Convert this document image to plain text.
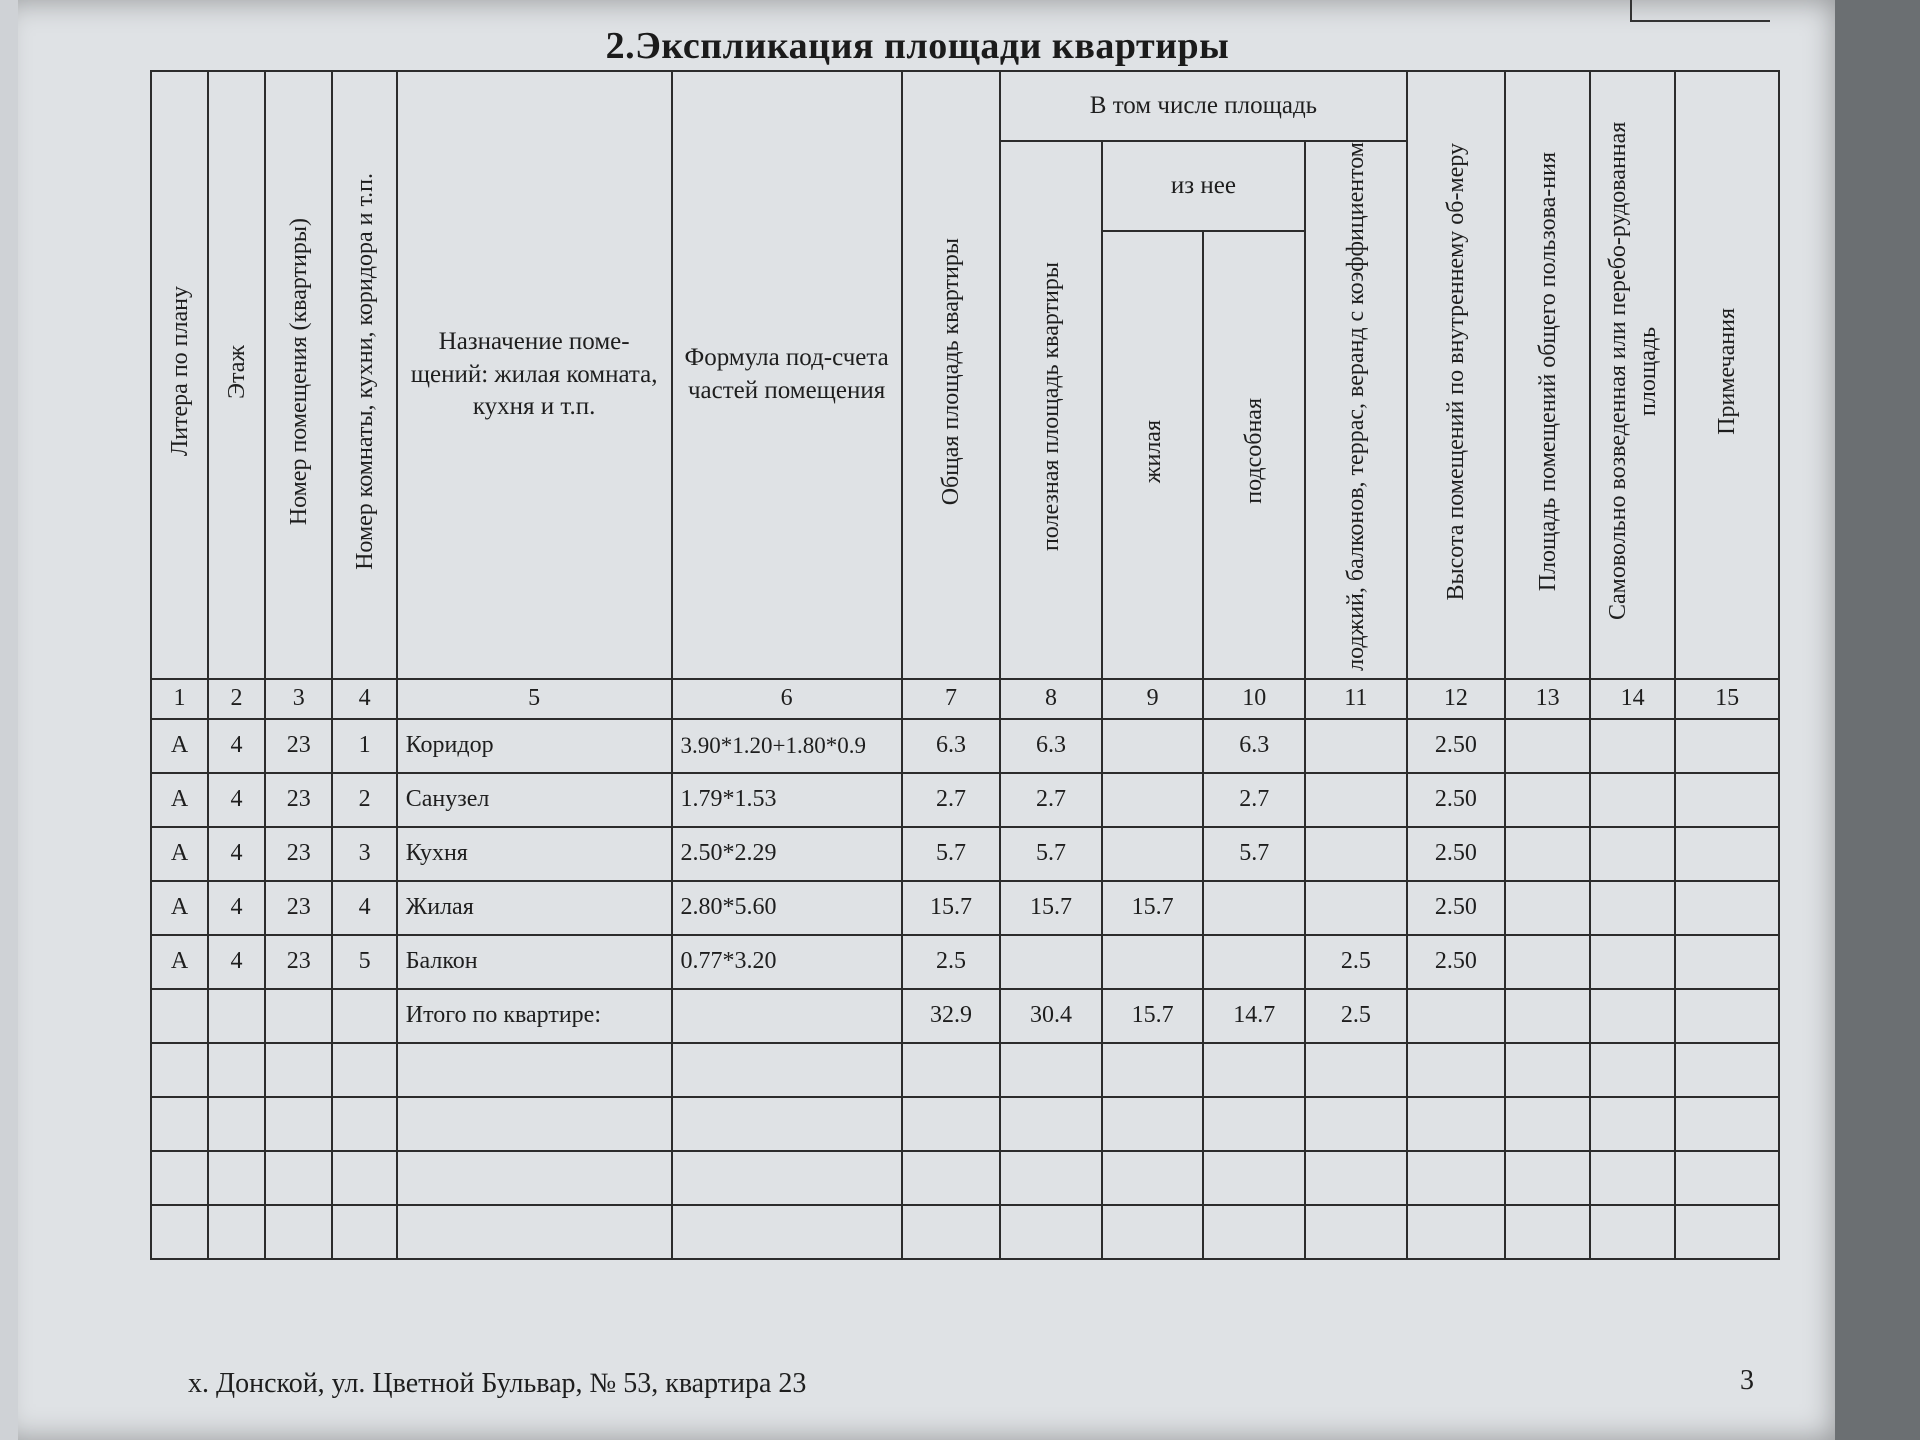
2.Экспликация площади квартиры
Литера по плану	Этаж	Номер помещения (квартиры)	Номер комнаты, кухни, коридора и т.п.	Назначение поме-щений: жилая комната, кухня и т.п.	Формула под-счета частей помещения	Общая площадь квартиры	В том числе площадь				Высота помещений по внутреннему об-меру	Площадь помещений общего пользова-ния	Самовольно возведенная или перебо-рудованная площадь	Примечания
							полезная площадь квартиры	из нее		лоджий, балконов, террас, веранд с коэффициентом				
								жилая	подсобная					
1	2	3	4	5	6	7	8	9	10	11	12	13	14	15
А	4	23	1	Коридор	3.90*1.20+1.80*0.9	6.3	6.3		6.3		2.50			
А	4	23	2	Санузел	1.79*1.53	2.7	2.7		2.7		2.50			
А	4	23	3	Кухня	2.50*2.29	5.7	5.7		5.7		2.50			
А	4	23	4	Жилая	2.80*5.60	15.7	15.7	15.7			2.50			
А	4	23	5	Балкон	0.77*3.20	2.5				2.5	2.50			
				Итого по квартире:		32.9	30.4	15.7	14.7	2.5				

х. Донской, ул. Цветной Бульвар, № 53, квартира 23	3
